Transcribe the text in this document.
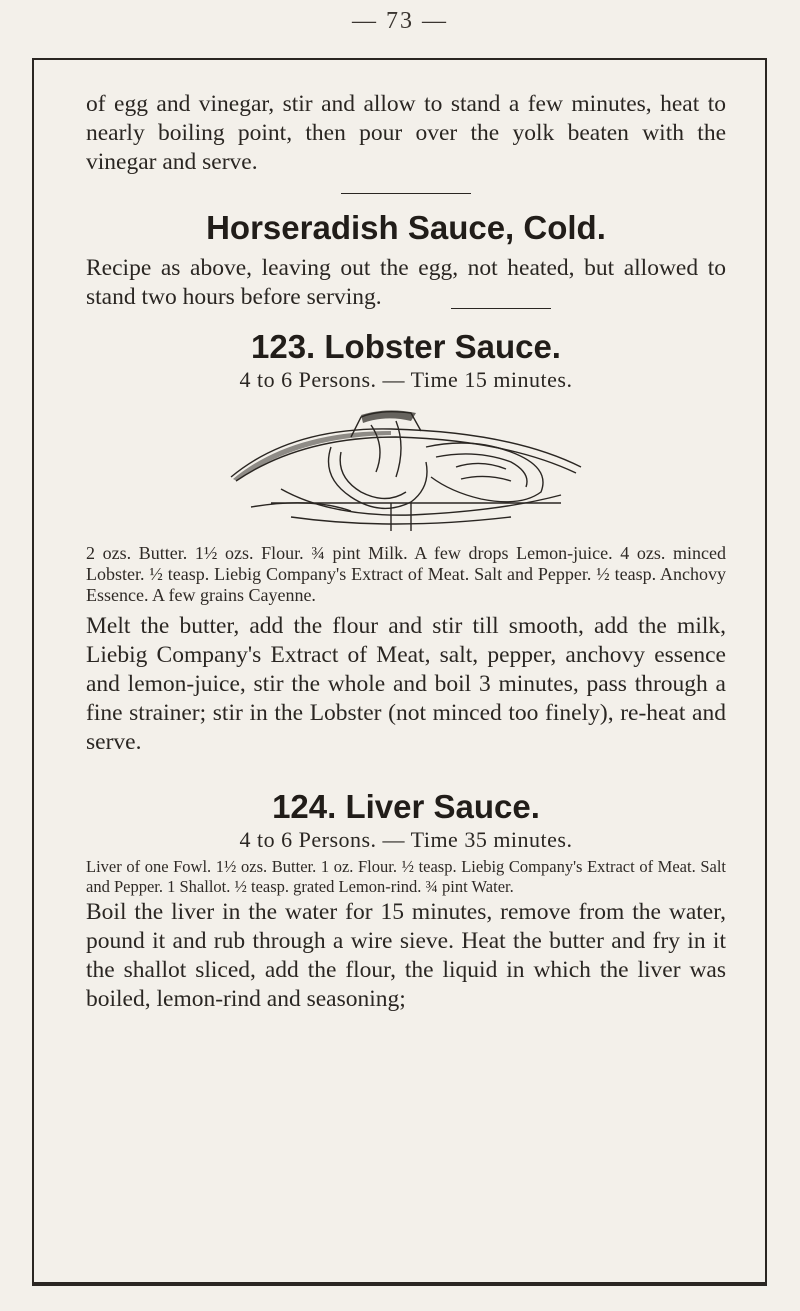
— 73 —

of egg and vinegar, stir and allow to stand a few minutes, heat to nearly boiling point, then pour over the yolk beaten with the vinegar and serve.

Horseradish Sauce, Cold.

Recipe as above, leaving out the egg, not heated, but allowed to stand two hours before serving.

123. Lobster Sauce.

4 to 6 Persons. — Time 15 minutes.

2 ozs. Butter. 1½ ozs. Flour. ¾ pint Milk. A few drops Lemon-juice. 4 ozs. minced Lobster. ½ teasp. Liebig Company's Extract of Meat. Salt and Pepper. ½ teasp. Anchovy Essence. A few grains Cayenne.

Melt the butter, add the flour and stir till smooth, add the milk, Liebig Company's Extract of Meat, salt, pepper, anchovy essence and lemon-juice, stir the whole and boil 3 minutes, pass through a fine strainer; stir in the Lobster (not minced too finely), re-heat and serve.

124. Liver Sauce.

4 to 6 Persons. — Time 35 minutes.

Liver of one Fowl. 1½ ozs. Butter. 1 oz. Flour. ½ teasp. Liebig Company's Extract of Meat. Salt and Pepper. 1 Shallot. ½ teasp. grated Lemon-rind. ¾ pint Water.

Boil the liver in the water for 15 minutes, remove from the water, pound it and rub through a wire sieve. Heat the butter and fry in it the shallot sliced, add the flour, the liquid in which the liver was boiled, lemon-rind and seasoning;
